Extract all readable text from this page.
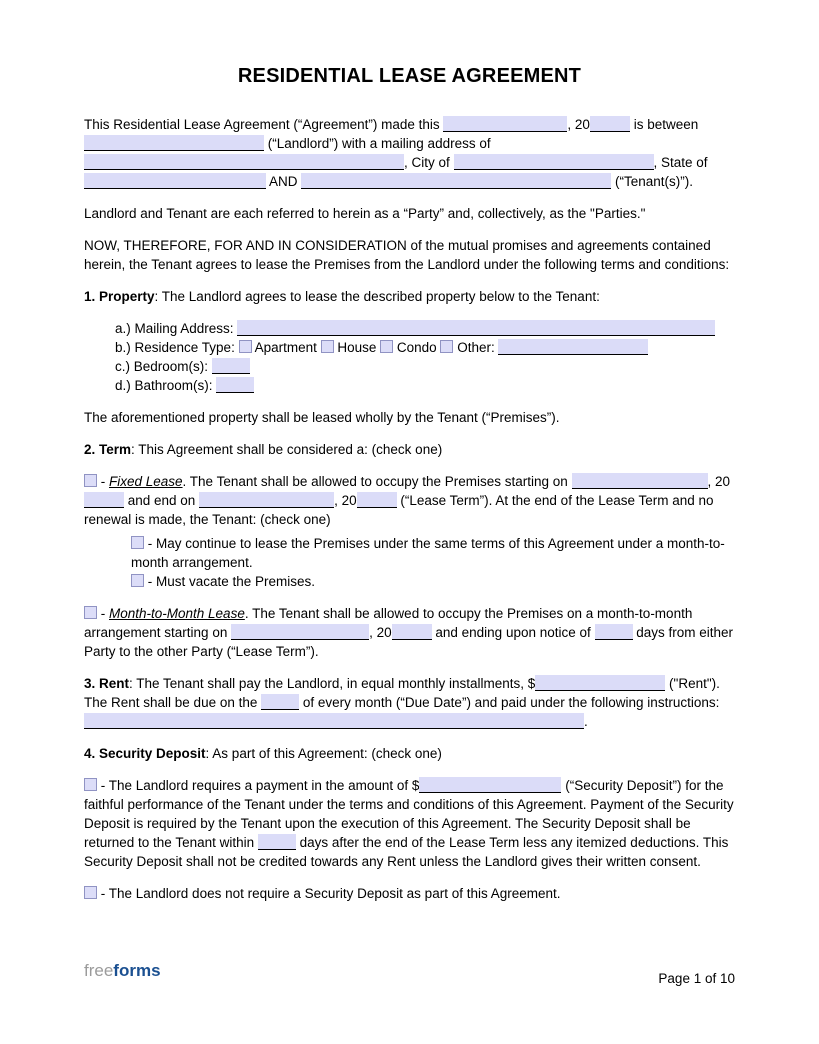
RESIDENTIAL LEASE AGREEMENT
This Residential Lease Agreement (“Agreement”) made this	, 20	is between  (“Landlord”) with a mailing address of , City of	, State of  AND	(“Tenant(s)”).
Landlord and Tenant are each referred to herein as a “Party” and, collectively, as the "Parties."
NOW, THEREFORE, FOR AND IN CONSIDERATION of the mutual promises and agreements contained herein, the Tenant agrees to lease the Premises from the Landlord under the following terms and conditions:
1. Property: The Landlord agrees to lease the described property below to the Tenant:
a.) Mailing Address:
b.) Residence Type:  Apartment  House  Condo  Other:
c.) Bedroom(s):
d.) Bathroom(s):
The aforementioned property shall be leased wholly by the Tenant (“Premises”).
2. Term: This Agreement shall be considered a: (check one)
- Fixed Lease. The Tenant shall be allowed to occupy the Premises starting on	, 20 and end on	, 20	(“Lease Term”). At the end of the Lease Term and no renewal is made, the Tenant: (check one)
- May continue to lease the Premises under the same terms of this Agreement under a month-to-month arrangement.
- Must vacate the Premises.
- Month-to-Month Lease. The Tenant shall be allowed to occupy the Premises on a month-to-month arrangement starting on	, 20	and ending upon notice of	days from either Party to the other Party (“Lease Term”).
3. Rent: The Tenant shall pay the Landlord, in equal monthly installments, $	("Rent"). The Rent shall be due on the	of every month (“Due Date”) and paid under the following instructions: .
4. Security Deposit: As part of this Agreement: (check one)
- The Landlord requires a payment in the amount of $	(“Security Deposit”) for the faithful performance of the Tenant under the terms and conditions of this Agreement. Payment of the Security Deposit is required by the Tenant upon the execution of this Agreement. The Security Deposit shall be returned to the Tenant within	days after the end of the Lease Term less any itemized deductions. This Security Deposit shall not be credited towards any Rent unless the Landlord gives their written consent.
- The Landlord does not require a Security Deposit as part of this Agreement.
freeforms	Page 1 of 10
